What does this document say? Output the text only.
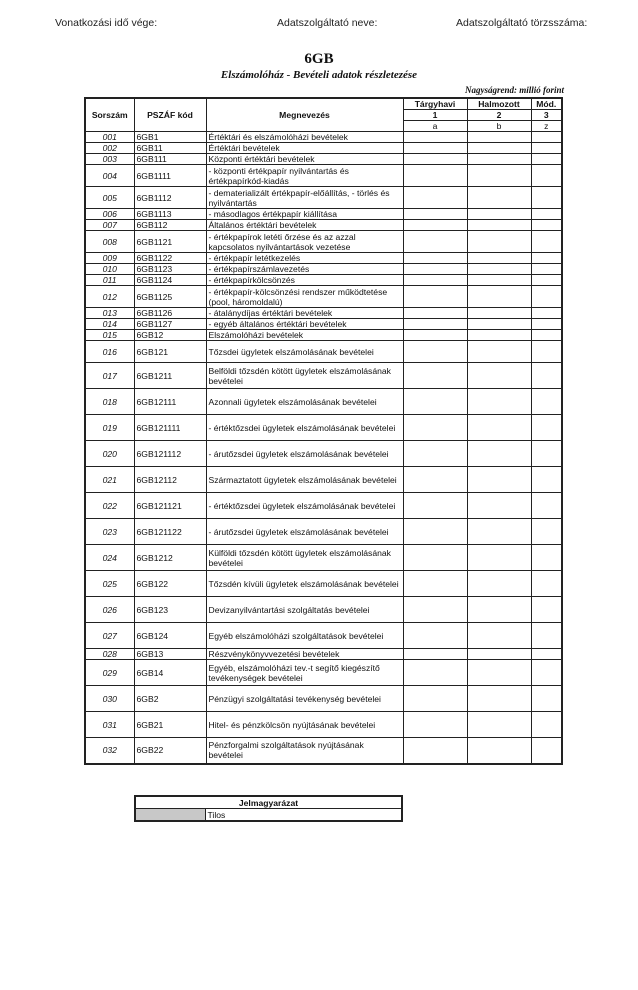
Vonatkozási idő vége:	Adatszolgáltató neve:	Adatszolgáltató törzsszáma:
6GB
Elszámolóház - Bevételi adatok részletezése
Nagyságrend: millió forint
Sorszám	PSZÁF kód	Megnevezés	Tárgyhavi	Halmozott	Mód.
			1	2	3
			a	b	z
001	6GB1	Értéktári és elszámolóházi bevételek			
002	6GB11	Értéktári bevételek			
003	6GB111	Központi értéktári bevételek			
004	6GB1111	- központi értékpapír nyilvántartás és értékpapírkód-kiadás			
005	6GB1112	- dematerializált értékpapír-előállítás, - törlés és nyilvántartás			
006	6GB1113	- másodlagos értékpapír kiállítása			
007	6GB112	Általános értéktári bevételek			
008	6GB1121	- értékpapírok letéti őrzése és az azzal kapcsolatos nyilvántartások vezetése			
009	6GB1122	- értékpapír letétkezelés			
010	6GB1123	- értékpapírszámlavezetés			
011	6GB1124	- értékpapírkölcsönzés			
012	6GB1125	- értékpapír-kölcsönzési rendszer működtetése (pool, háromoldalú)			
013	6GB1126	- átalánydíjas értéktári bevételek			
014	6GB1127	- egyéb általános értéktári bevételek			
015	6GB12	Elszámolóházi bevételek			
016	6GB121	Tőzsdei ügyletek elszámolásának bevételei			
017	6GB1211	Belföldi tőzsdén kötött ügyletek elszámolásának bevételei			
018	6GB12111	Azonnali ügyletek elszámolásának bevételei			
019	6GB121111	- értéktőzsdei ügyletek elszámolásának bevételei			
020	6GB121112	- árutőzsdei ügyletek elszámolásának bevételei			
021	6GB12112	Származtatott ügyletek elszámolásának bevételei			
022	6GB121121	- értéktőzsdei ügyletek elszámolásának bevételei			
023	6GB121122	- árutőzsdei ügyletek elszámolásának bevételei			
024	6GB1212	Külföldi tőzsdén kötött ügyletek elszámolásának bevételei			
025	6GB122	Tőzsdén kívüli ügyletek elszámolásának bevételei			
026	6GB123	Devizanyilvántartási szolgáltatás bevételei			
027	6GB124	Egyéb elszámolóházi szolgáltatások bevételei			
028	6GB13	Részvénykönyvvezetési bevételek			
029	6GB14	Egyéb, elszámolóházi tev.-t segítő kiegészítő tevékenységek bevételei			
030	6GB2	Pénzügyi szolgáltatási tevékenység bevételei			
031	6GB21	Hitel- és pénzkölcsön nyújtásának bevételei			
032	6GB22	Pénzforgalmi szolgáltatások nyújtásának bevételei			
Jelmagyarázat
	Tilos
